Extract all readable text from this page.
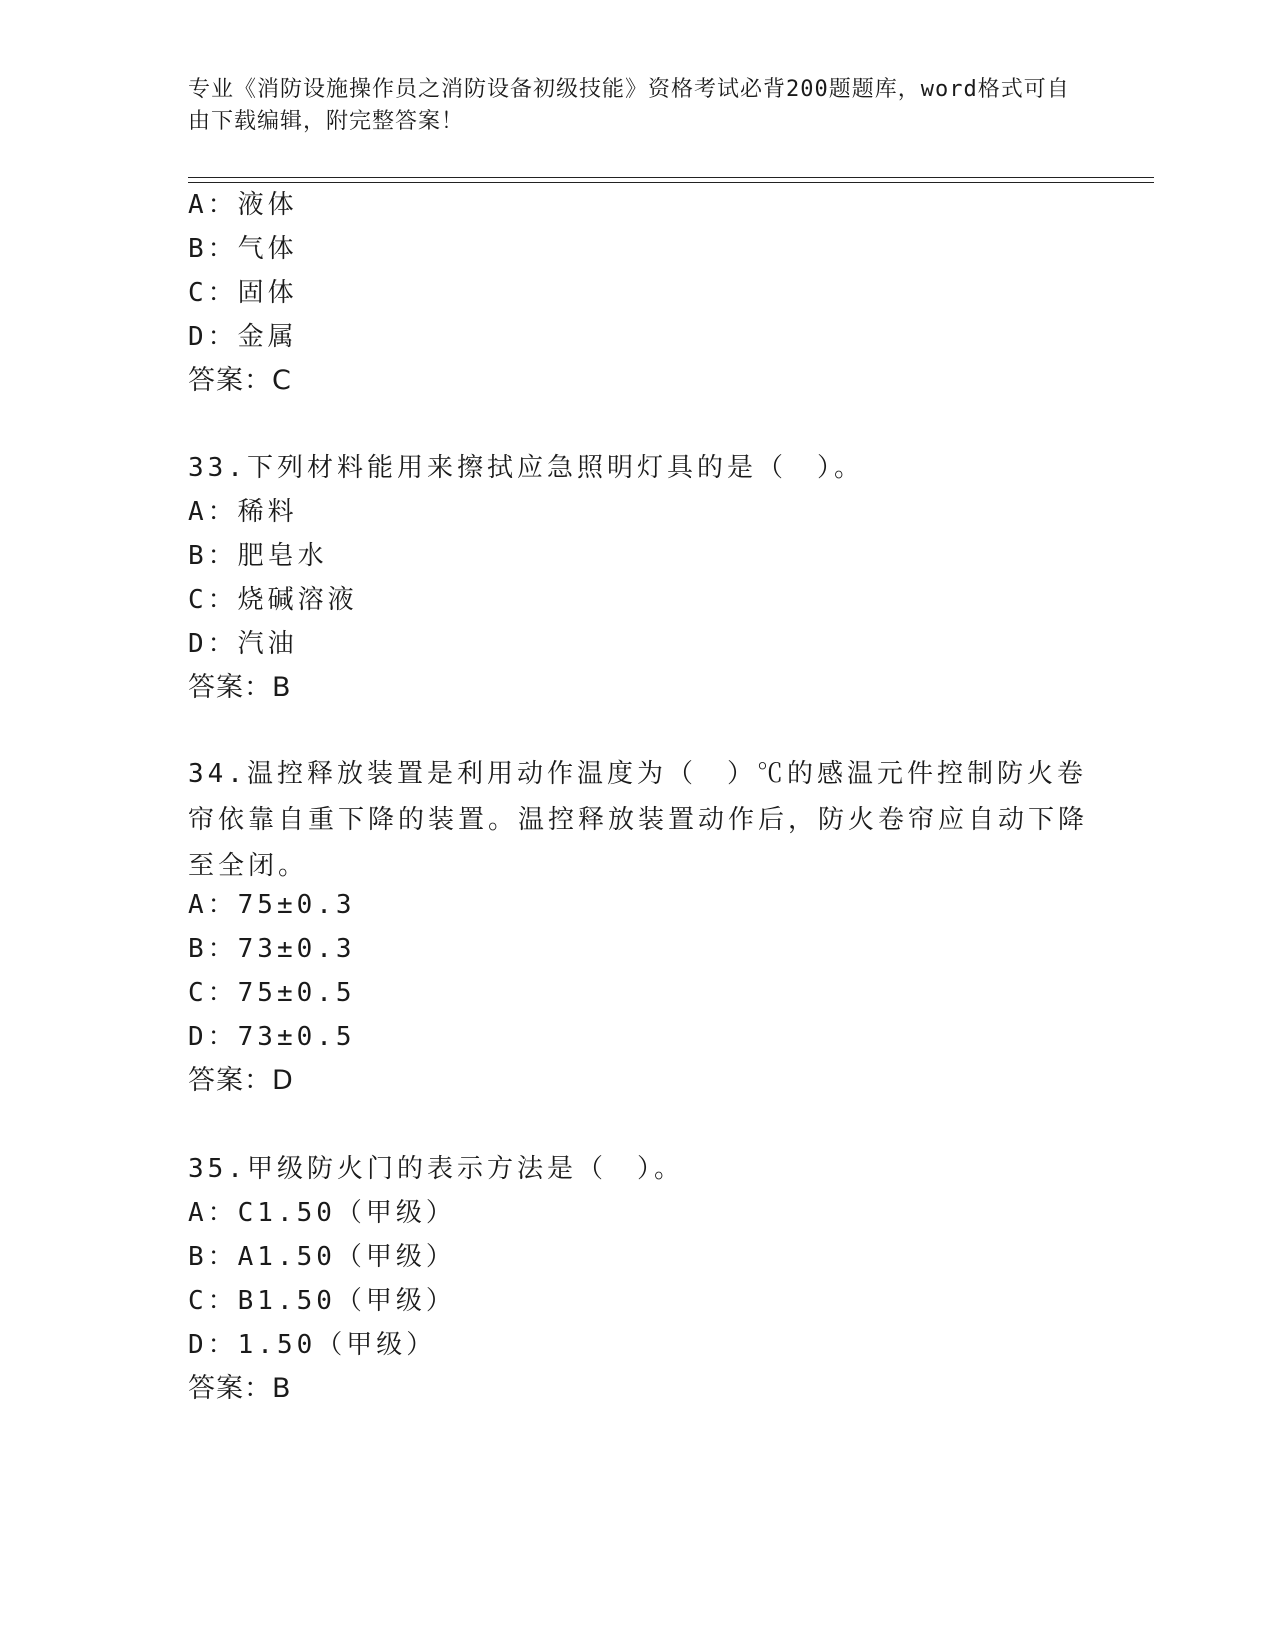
专业《消防设施操作员之消防设备初级技能》资格考试必背200题题库，word格式可自由下载编辑，附完整答案！
A：液体
B：气体
C：固体
D：金属
答案：C
33.下列材料能用来擦拭应急照明灯具的是（　）。
A：稀料
B：肥皂水
C：烧碱溶液
D：汽油
答案：B
34.温控释放装置是利用动作温度为（　）℃的感温元件控制防火卷帘依靠自重下降的装置。温控释放装置动作后，防火卷帘应自动下降至全闭。
A：75±0.3
B：73±0.3
C：75±0.5
D：73±0.5
答案：D
35.甲级防火门的表示方法是（　）。
A：C1.50（甲级）
B：A1.50（甲级）
C：B1.50（甲级）
D：1.50（甲级）
答案：B
